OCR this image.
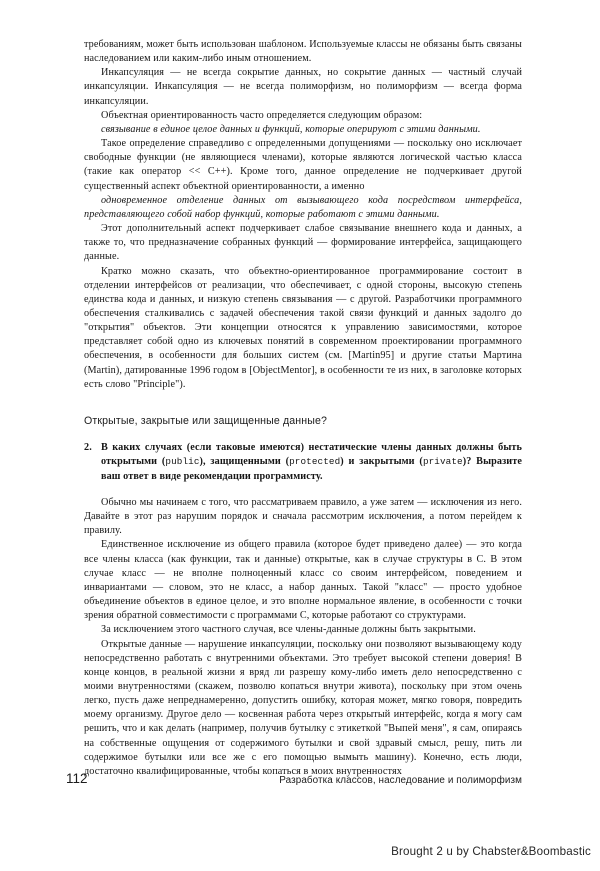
требованиям, может быть использован шаблоном. Используемые классы не обязаны быть связаны наследованием или каким-либо иным отношением.

Инкапсуляция — не всегда сокрытие данных, но сокрытие данных — частный случай инкапсуляции. Инкапсуляция — не всегда полиморфизм, но полиморфизм — всегда форма инкапсуляции.

Объектная ориентированность часто определяется следующим образом:

связывание в единое целое данных и функций, которые оперируют с этими данными.

Такое определение справедливо с определенными допущениями — поскольку оно исключает свободные функции (не являющиеся членами), которые являются логической частью класса (такие как оператор << C++). Кроме того, данное определение не подчеркивает другой существенный аспект объектной ориентированности, а именно

одновременное отделение данных от вызывающего кода посредством интерфейса, представляющего собой набор функций, которые работают с этими данными.

Этот дополнительный аспект подчеркивает слабое связывание внешнего кода и данных, а также то, что предназначение собранных функций — формирование интерфейса, защищающего данные.

Кратко можно сказать, что объектно-ориентированное программирование состоит в отделении интерфейсов от реализации, что обеспечивает, с одной стороны, высокую степень единства кода и данных, и низкую степень связывания — с другой. Разработчики программного обеспечения сталкивались с задачей обеспечения такой связи функций и данных задолго до "открытия" объектов. Эти концепции относятся к управлению зависимостями, которое представляет собой одно из ключевых понятий в современном проектировании программного обеспечения, в особенности для больших систем (см. [Martin95] и другие статьи Мартина (Martin), датированные 1996 годом в [ObjectMentor], в особенности те из них, в заголовке которых есть слово "Principle").

Открытые, закрытые или защищенные данные?

2. В каких случаях (если таковые имеются) нестатические члены данных должны быть открытыми (public), защищенными (protected) и закрытыми (private)? Выразите ваш ответ в виде рекомендации программисту.

Обычно мы начинаем с того, что рассматриваем правило, а уже затем — исключения из него. Давайте в этот раз нарушим порядок и сначала рассмотрим исключения, а потом перейдем к правилу.

Единственное исключение из общего правила (которое будет приведено далее) — это когда все члены класса (как функции, так и данные) открытые, как в случае структуры в C. В этом случае класс — не вполне полноценный класс со своим интерфейсом, поведением и инвариантами — словом, это не класс, а набор данных. Такой "класс" — просто удобное объединение объектов в единое целое, и это вполне нормальное явление, в особенности с точки зрения обратной совместимости с программами C, которые работают со структурами.

За исключением этого частного случая, все члены-данные должны быть закрытыми.

Открытые данные — нарушение инкапсуляции, поскольку они позволяют вызывающему коду непосредственно работать с внутренними объектами. Это требует высокой степени доверия! В конце концов, в реальной жизни я вряд ли разрешу кому-либо иметь дело непосредственно с моими внутренностями (скажем, позволю копаться внутри живота), поскольку при этом очень легко, пусть даже непреднамеренно, допустить ошибку, которая может, мягко говоря, повредить моему организму. Другое дело — косвенная работа через открытый интерфейс, когда я могу сам решить, что и как делать (например, получив бутылку с этикеткой "Выпей меня", я сам, опираясь на собственные ощущения от содержимого бутылки и свой здравый смысл, решу, пить ли содержимое бутылки или все же с его помощью вымыть машину). Конечно, есть люди, достаточно квалифицированные, чтобы копаться в моих внутренностях

112	Разработка классов, наследование и полиморфизм
Brought 2 u by Chabster&Boombastic
